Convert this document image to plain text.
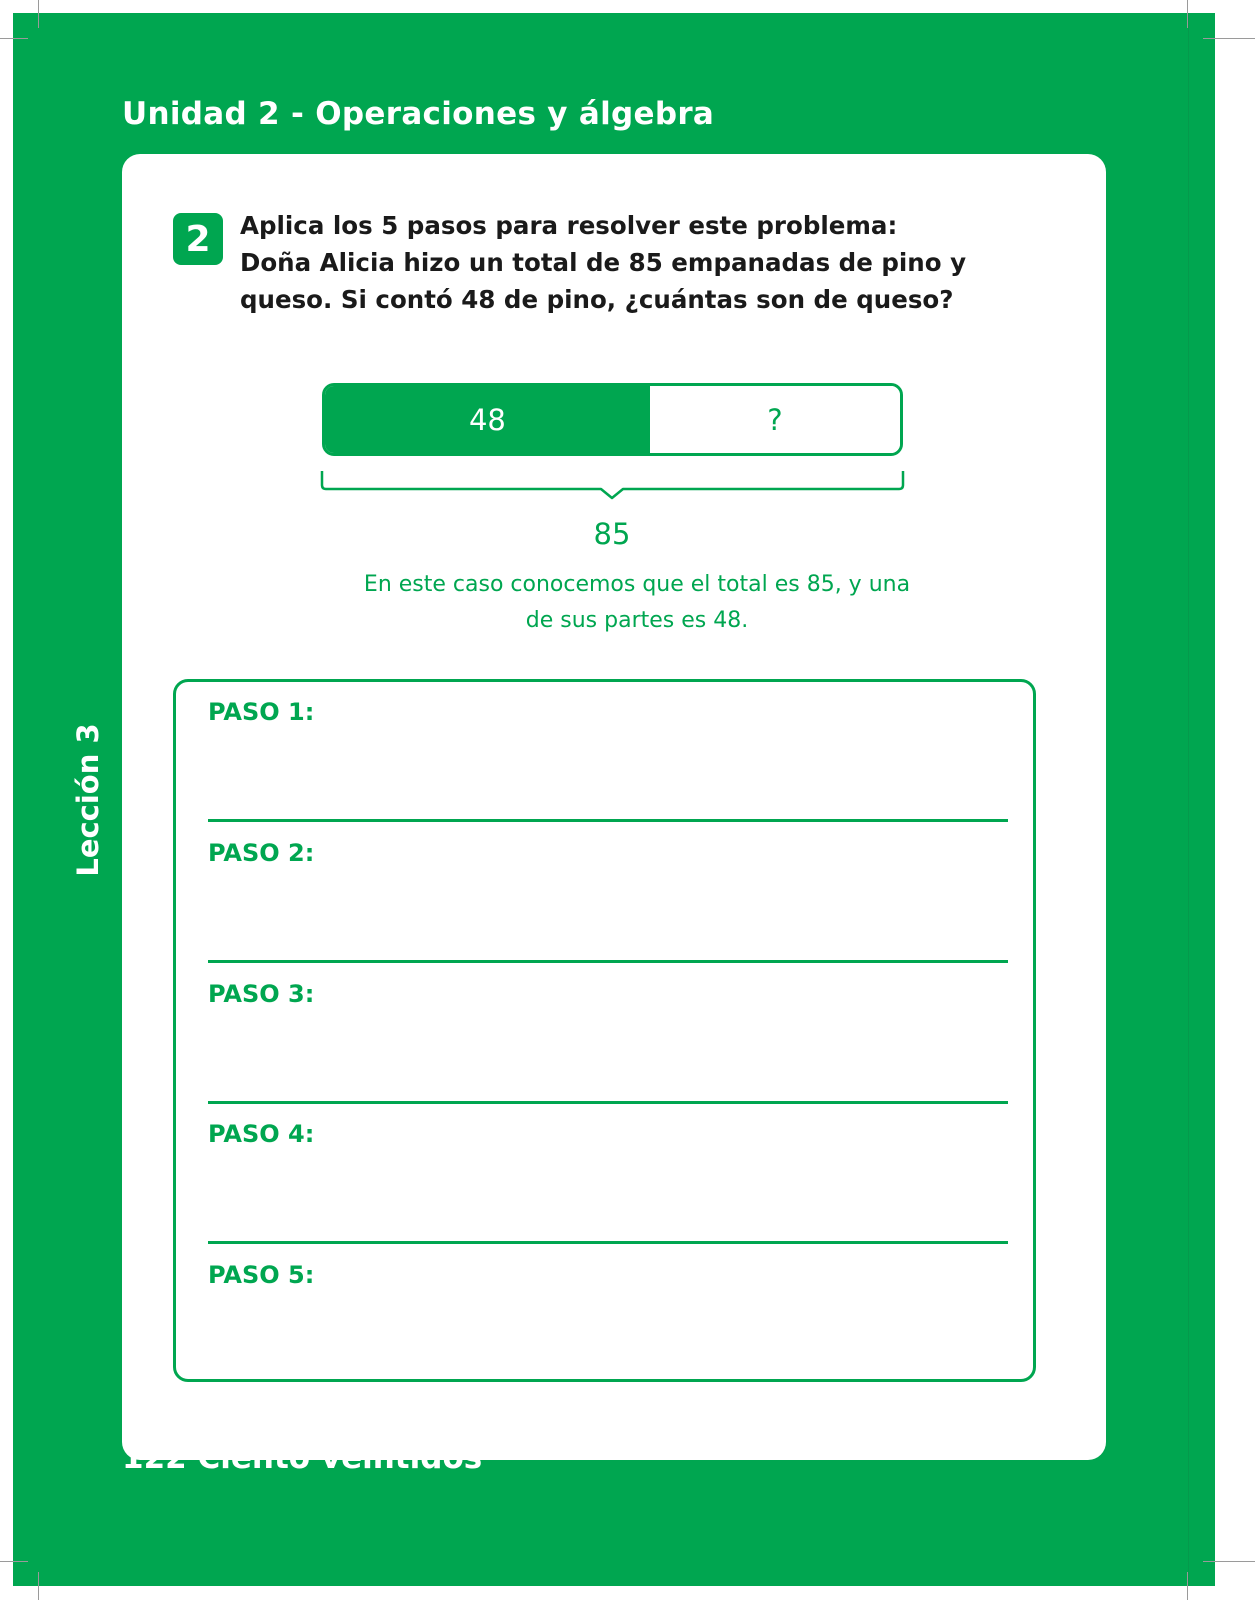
Unidad 2 - Operaciones y álgebra
Lección 3
2	Aplica los 5 pasos para resolver este problema:
Doña Alicia hizo un total de 85 empanadas de pino y
queso. Si contó 48 de pino, ¿cuántas son de queso?
48	?
85
En este caso conocemos que el total es 85, y una
de sus partes es 48.
PASO 1:
PASO 2:
PASO 3:
PASO 4:
PASO 5:
122 Ciento veintidós
